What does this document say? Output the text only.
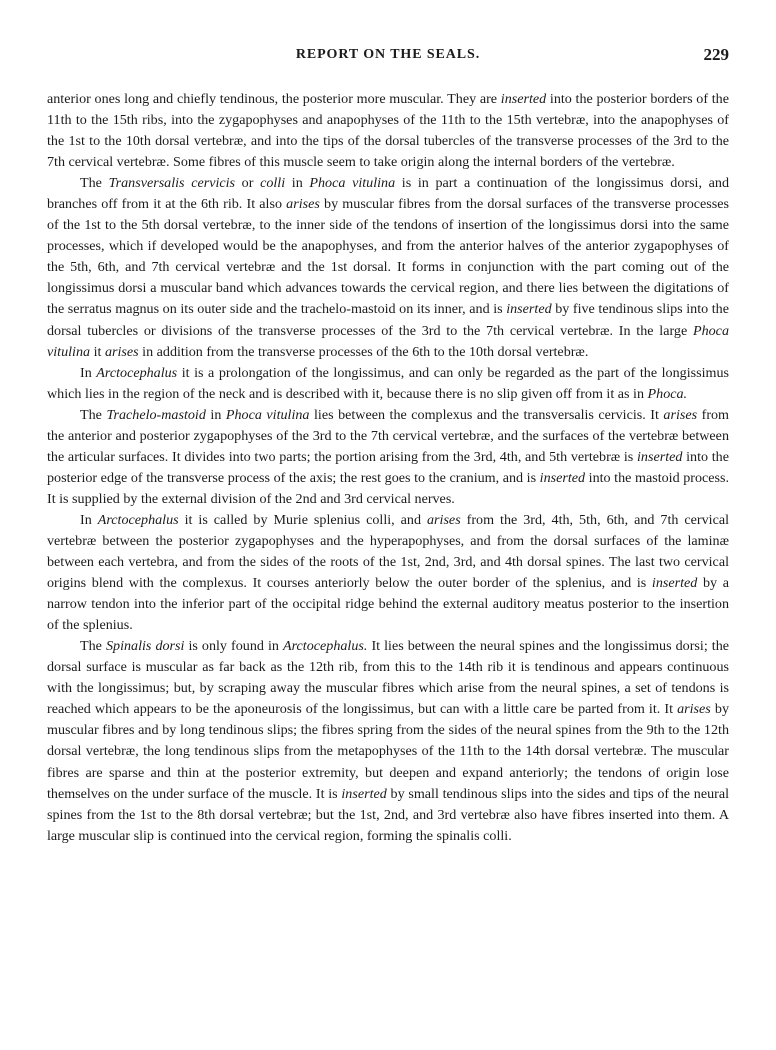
REPORT ON THE SEALS.	229

anterior ones long and chiefly tendinous, the posterior more muscular. They are inserted into the posterior borders of the 11th to the 15th ribs, into the zygapophyses and anapophyses of the 11th to the 15th vertebræ, into the anapophyses of the 1st to the 10th dorsal vertebræ, and into the tips of the dorsal tubercles of the transverse processes of the 3rd to the 7th cervical vertebræ. Some fibres of this muscle seem to take origin along the internal borders of the vertebræ.

The Transversalis cervicis or colli in Phoca vitulina is in part a continuation of the longissimus dorsi, and branches off from it at the 6th rib. It also arises by muscular fibres from the dorsal surfaces of the transverse processes of the 1st to the 5th dorsal vertebræ, to the inner side of the tendons of insertion of the longissimus dorsi into the same processes, which if developed would be the anapophyses, and from the anterior halves of the anterior zygapophyses of the 5th, 6th, and 7th cervical vertebræ and the 1st dorsal. It forms in conjunction with the part coming out of the longissimus dorsi a muscular band which advances towards the cervical region, and there lies between the digitations of the serratus magnus on its outer side and the trachelo-mastoid on its inner, and is inserted by five tendinous slips into the dorsal tubercles or divisions of the transverse processes of the 3rd to the 7th cervical vertebræ. In the large Phoca vitulina it arises in addition from the transverse processes of the 6th to the 10th dorsal vertebræ.

In Arctocephalus it is a prolongation of the longissimus, and can only be regarded as the part of the longissimus which lies in the region of the neck and is described with it, because there is no slip given off from it as in Phoca.

The Trachelo-mastoid in Phoca vitulina lies between the complexus and the transversalis cervicis. It arises from the anterior and posterior zygapophyses of the 3rd to the 7th cervical vertebræ, and the surfaces of the vertebræ between the articular surfaces. It divides into two parts; the portion arising from the 3rd, 4th, and 5th vertebræ is inserted into the posterior edge of the transverse process of the axis; the rest goes to the cranium, and is inserted into the mastoid process. It is supplied by the external division of the 2nd and 3rd cervical nerves.

In Arctocephalus it is called by Murie splenius colli, and arises from the 3rd, 4th, 5th, 6th, and 7th cervical vertebræ between the posterior zygapophyses and the hyperapophyses, and from the dorsal surfaces of the laminæ between each vertebra, and from the sides of the roots of the 1st, 2nd, 3rd, and 4th dorsal spines. The last two cervical origins blend with the complexus. It courses anteriorly below the outer border of the splenius, and is inserted by a narrow tendon into the inferior part of the occipital ridge behind the external auditory meatus posterior to the insertion of the splenius.

The Spinalis dorsi is only found in Arctocephalus. It lies between the neural spines and the longissimus dorsi; the dorsal surface is muscular as far back as the 12th rib, from this to the 14th rib it is tendinous and appears continuous with the longissimus; but, by scraping away the muscular fibres which arise from the neural spines, a set of tendons is reached which appears to be the aponeurosis of the longissimus, but can with a little care be parted from it. It arises by muscular fibres and by long tendinous slips; the fibres spring from the sides of the neural spines from the 9th to the 12th dorsal vertebræ, the long tendinous slips from the metapophyses of the 11th to the 14th dorsal vertebræ. The muscular fibres are sparse and thin at the posterior extremity, but deepen and expand anteriorly; the tendons of origin lose themselves on the under surface of the muscle. It is inserted by small tendinous slips into the sides and tips of the neural spines from the 1st to the 8th dorsal vertebræ; but the 1st, 2nd, and 3rd vertebræ also have fibres inserted into them. A large muscular slip is continued into the cervical region, forming the spinalis colli.
